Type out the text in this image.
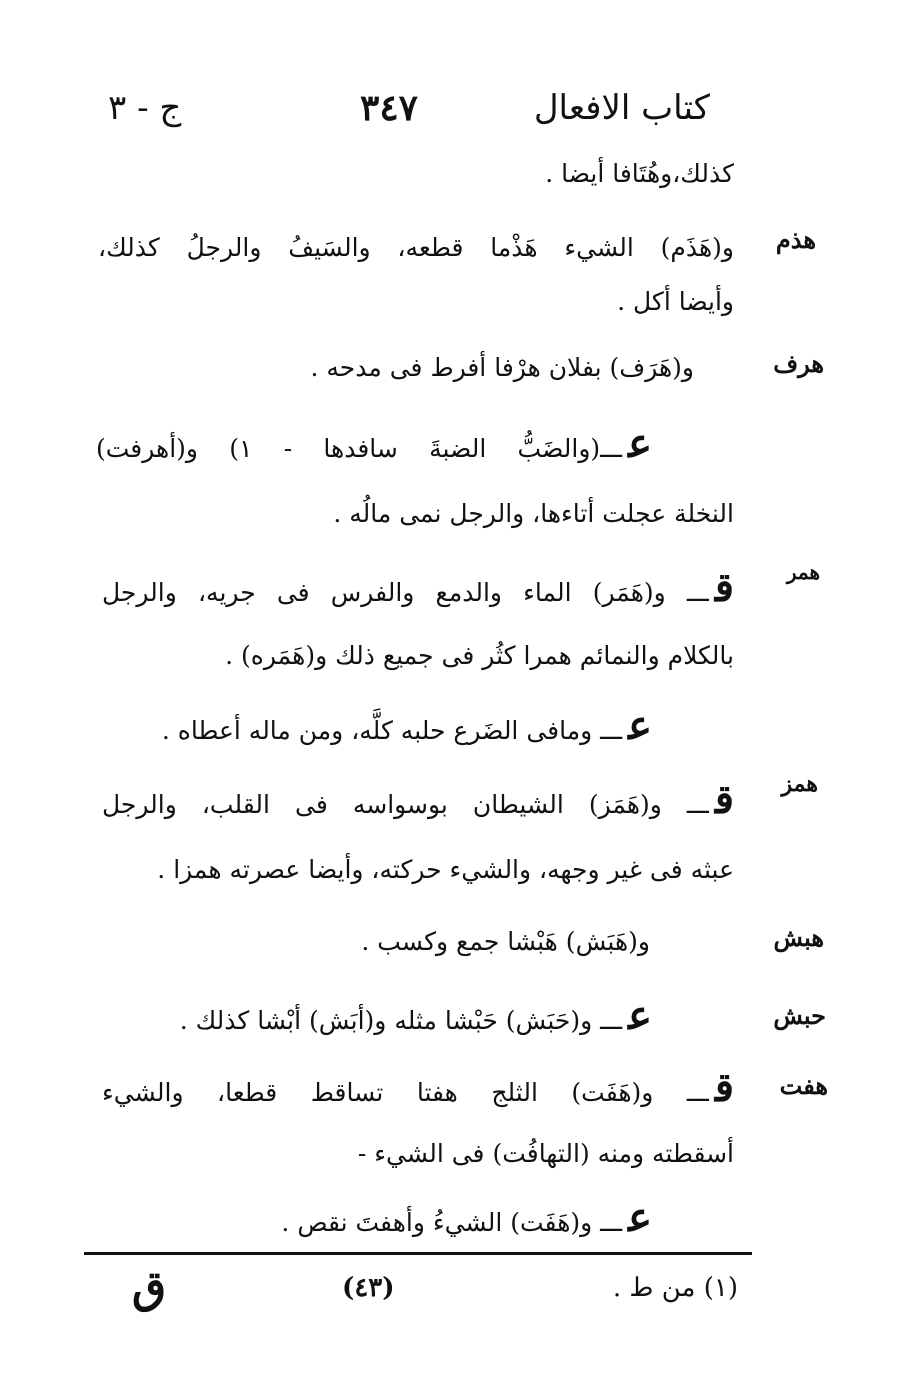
كتاب الافعال
٣٤٧
ج - ٣
هذم
هرف
همر
همز
هبش
حبش
هفت
كذلك،وهُتَافا أيضا .
و(هَذَم) الشيء هَذْما قطعه، والسَيفُ والرجلُ كذلك،
وأيضا أكل .
و(هَرَف) بفلان هرْفا أفرط فى مدحه .
عـــ(والضَبُّ الضبةَ سافدها - ١) و(أهرفت)
النخلة عجلت أتاءها، والرجل نمى مالُه .
قـــ و(هَمَر) الماء والدمع والفرس فى جريه، والرجل
بالكلام والنمائم همرا كثُر فى جميع ذلك و(هَمَره) .
عـــ ومافى الضَرع حلبه كلَّه، ومن ماله أعطاه .
قـــ و(هَمَز) الشيطان بوسواسه فى القلب، والرجل
عبثه فى غير وجهه، والشيء حركته، وأيضا عصرته همزا .
و(هَبَش) هَبْشا جمع وكسب .
عـــ و(حَبَش) حَبْشا مثله و(أبَش) أبْشا كذلك .
قـــ و(هَفَت) الثلج هفتا تساقط قطعا، والشيء
أسقطته ومنه (التهافُت) فى الشيء -
عـــ و(هَفَت) الشيءُ وأهفتَ نقص .
(١) من ط .
(٤٣)
ق
